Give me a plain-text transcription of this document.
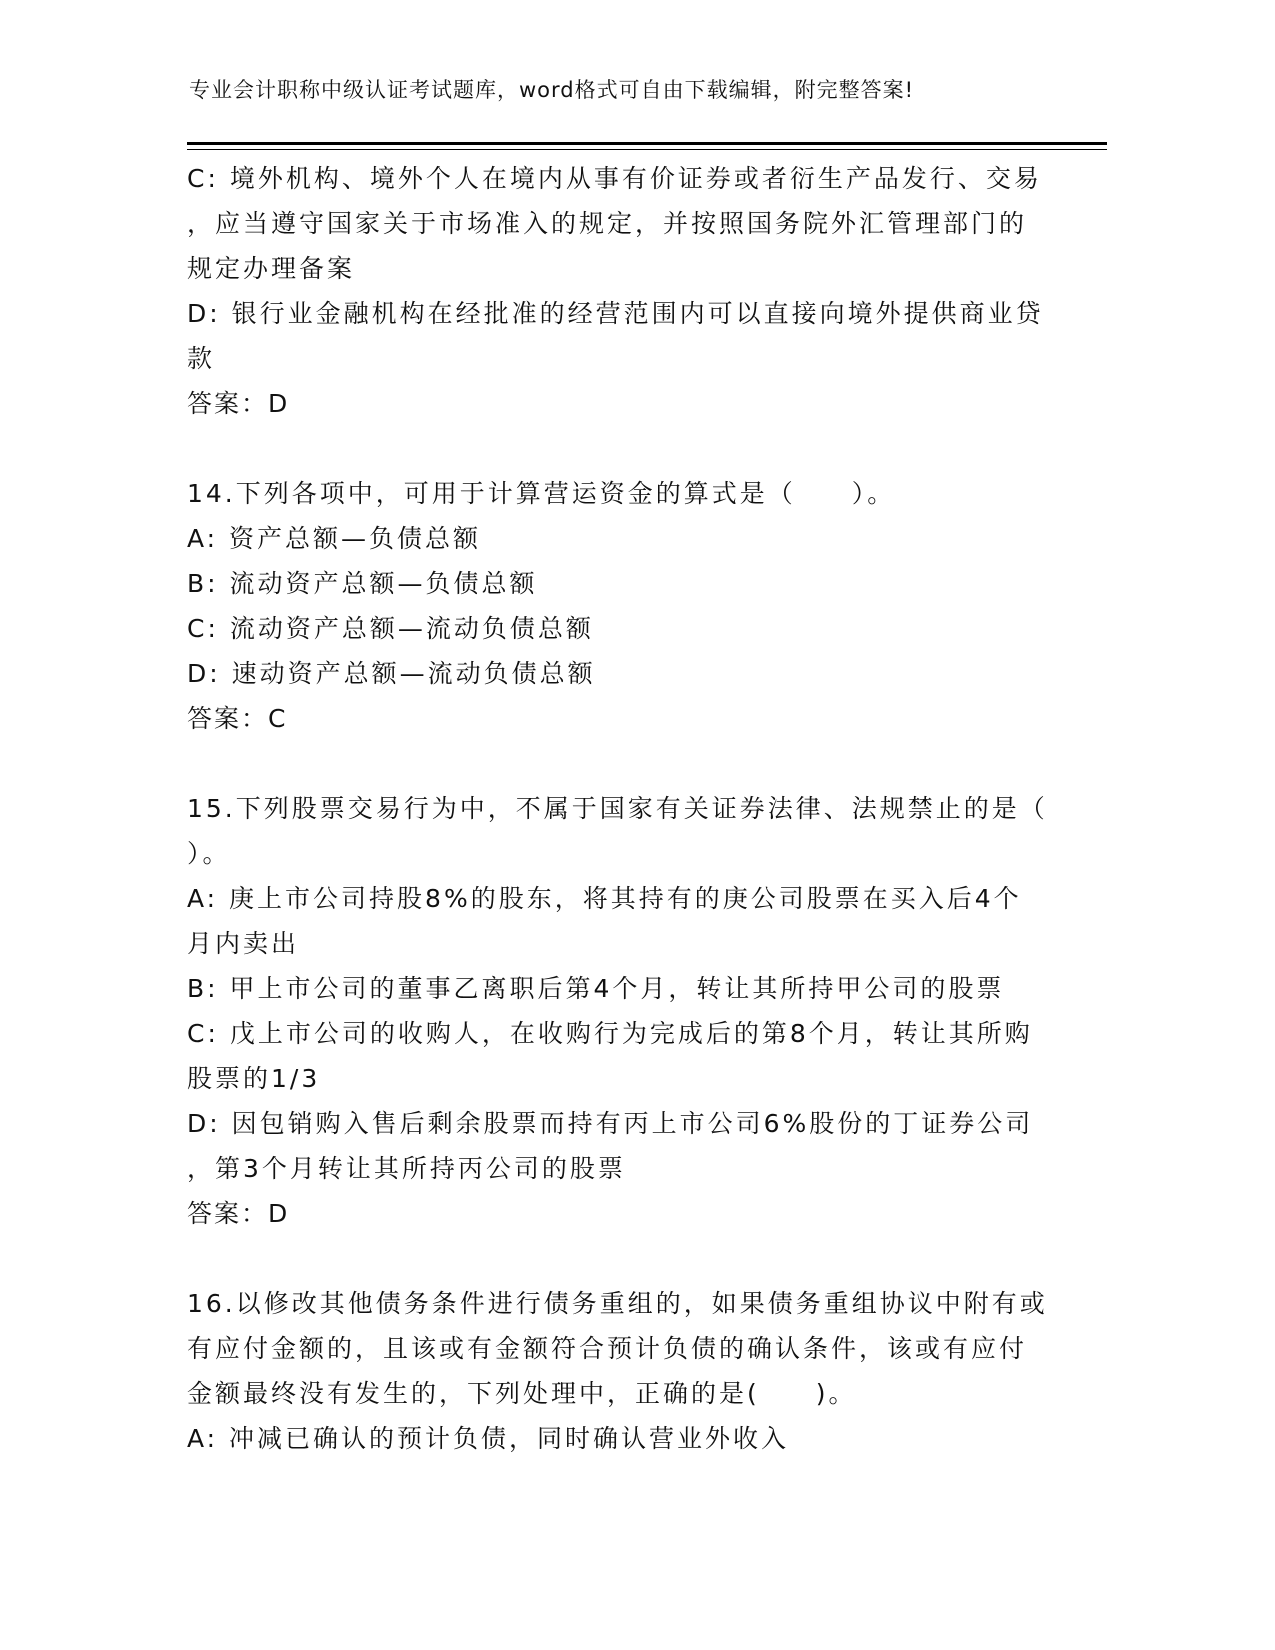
专业会计职称中级认证考试题库，word格式可自由下载编辑，附完整答案!
C: 境外机构、境外个人在境内从事有价证券或者衍生产品发行、交易
，应当遵守国家关于市场准入的规定，并按照国务院外汇管理部门的
规定办理备案
D: 银行业金融机构在经批准的经营范围内可以直接向境外提供商业贷
款
答案：D
14.下列各项中，可用于计算营运资金的算式是（　　）。
A: 资产总额—负债总额
B: 流动资产总额—负债总额
C: 流动资产总额—流动负债总额
D: 速动资产总额—流动负债总额
答案：C
15.下列股票交易行为中，不属于国家有关证券法律、法规禁止的是（
）。
A: 庚上市公司持股8%的股东，将其持有的庚公司股票在买入后4个
月内卖出
B: 甲上市公司的董事乙离职后第4个月，转让其所持甲公司的股票
C: 戊上市公司的收购人，在收购行为完成后的第8个月，转让其所购
股票的1/3
D: 因包销购入售后剩余股票而持有丙上市公司6%股份的丁证券公司
，第3个月转让其所持丙公司的股票
答案：D
16.以修改其他债务条件进行债务重组的，如果债务重组协议中附有或
有应付金额的，且该或有金额符合预计负债的确认条件，该或有应付
金额最终没有发生的，下列处理中，正确的是(　　)。
A: 冲减已确认的预计负债，同时确认营业外收入
